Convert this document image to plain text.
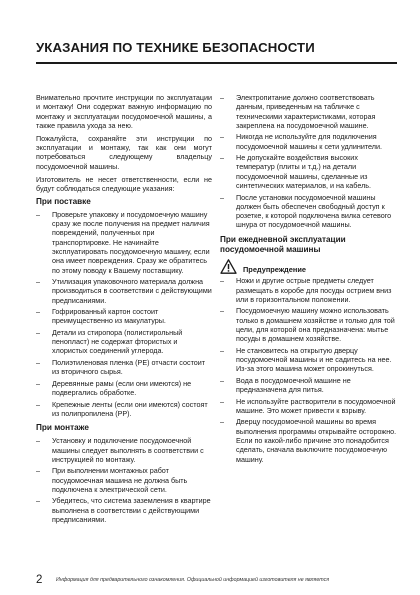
УКАЗАНИЯ ПО ТЕХНИКЕ БЕЗОПАСНОСТИ

Внимательно прочтите инструкции по эксплуатации и монтажу! Они содержат важную информацию по монтажу и эксплуатации посудомоечной машины, а также правила ухода за нею.

Пожалуйста, сохраняйте эти инструкции по эксплуатации и монтажу, так как они могут потребоваться следующему владельцу посудомоечной машины.

Изготовитель не несет ответственности, если не будут соблюдаться следующие указания:

При поставке
– Проверьте упаковку и посудомоечную машину сразу же после получения на предмет наличия повреждений, полученных при транспортировке. Не начинайте эксплуатировать посудомоечную машину, если она имеет повреждения. Сразу же обратитесь по этому поводу к Вашему поставщику.
– Утилизация упаковочного материала должна производиться в соответствии с действующими предписаниями.
– Гофрированный картон состоит преимущественно из макулатуры.
– Детали из стиропора (полистирольный пенопласт) не содержат фтористых и хлористых соединений углерода.
– Полиэтиленовая пленка (PE) отчасти состоит из вторичного сырья.
– Деревянные рамы (если они имеются) не подвергались обработке.
– Крепежные ленты (если они имеются) состоят из полипропилена (PP).
При монтаже
– Установку и подключение посудомоечной машины следует выполнять в соответствии с инструкцией по монтажу.
– При выполнении монтажных работ посудомоечная машина не должна быть подключена к электрической сети.
– Убедитесь, что система заземления в квартире выполнена в соответствии с действующими предписаниями.
– Электропитание должно соответствовать данным, приведенным на табличке с техническими характеристиками, которая закреплена на посудомоечной машине.
– Никогда не используйте для подключения посудомоечной машины к сети удлинители.
– Не допускайте воздействия высоких температур (плиты и т.д.) на детали посудомоечной машины, сделанные из синтетических материалов, и на кабель.
– После установки посудомоечной машины должен быть обеспечен свободный доступ к розетке, к которой подключена вилка сетевого шнура от посудомоечной машины.
При ежедневной эксплуатации посудомоечной машины
Предупреждение
– Ножи и другие острые предметы следует размещать в коробе для посуды острием вниз или в горизонтальном положении.
– Посудомоечную машину можно использовать только в домашнем хозяйстве и только для той цели, для которой она предназначена: мытье посуды в домашнем хозяйстве.
– Не становитесь на открытую дверцу посудомоечной машины и не садитесь на нее. Из-за этого машина может опрокинуться.
– Вода в посудомоечной машине не предназначена для питья.
– Не используйте растворители в посудомоечной машине. Это может привести к взрыву.
– Дверцу посудомоечной машины во время выполнения программы открывайте осторожно. Если по какой-либо причине это понадобится сделать, сначала выключите посудомоечную машину.
2	Информация для предварительного ознакомления. Официальной информацией изготовителя не является
